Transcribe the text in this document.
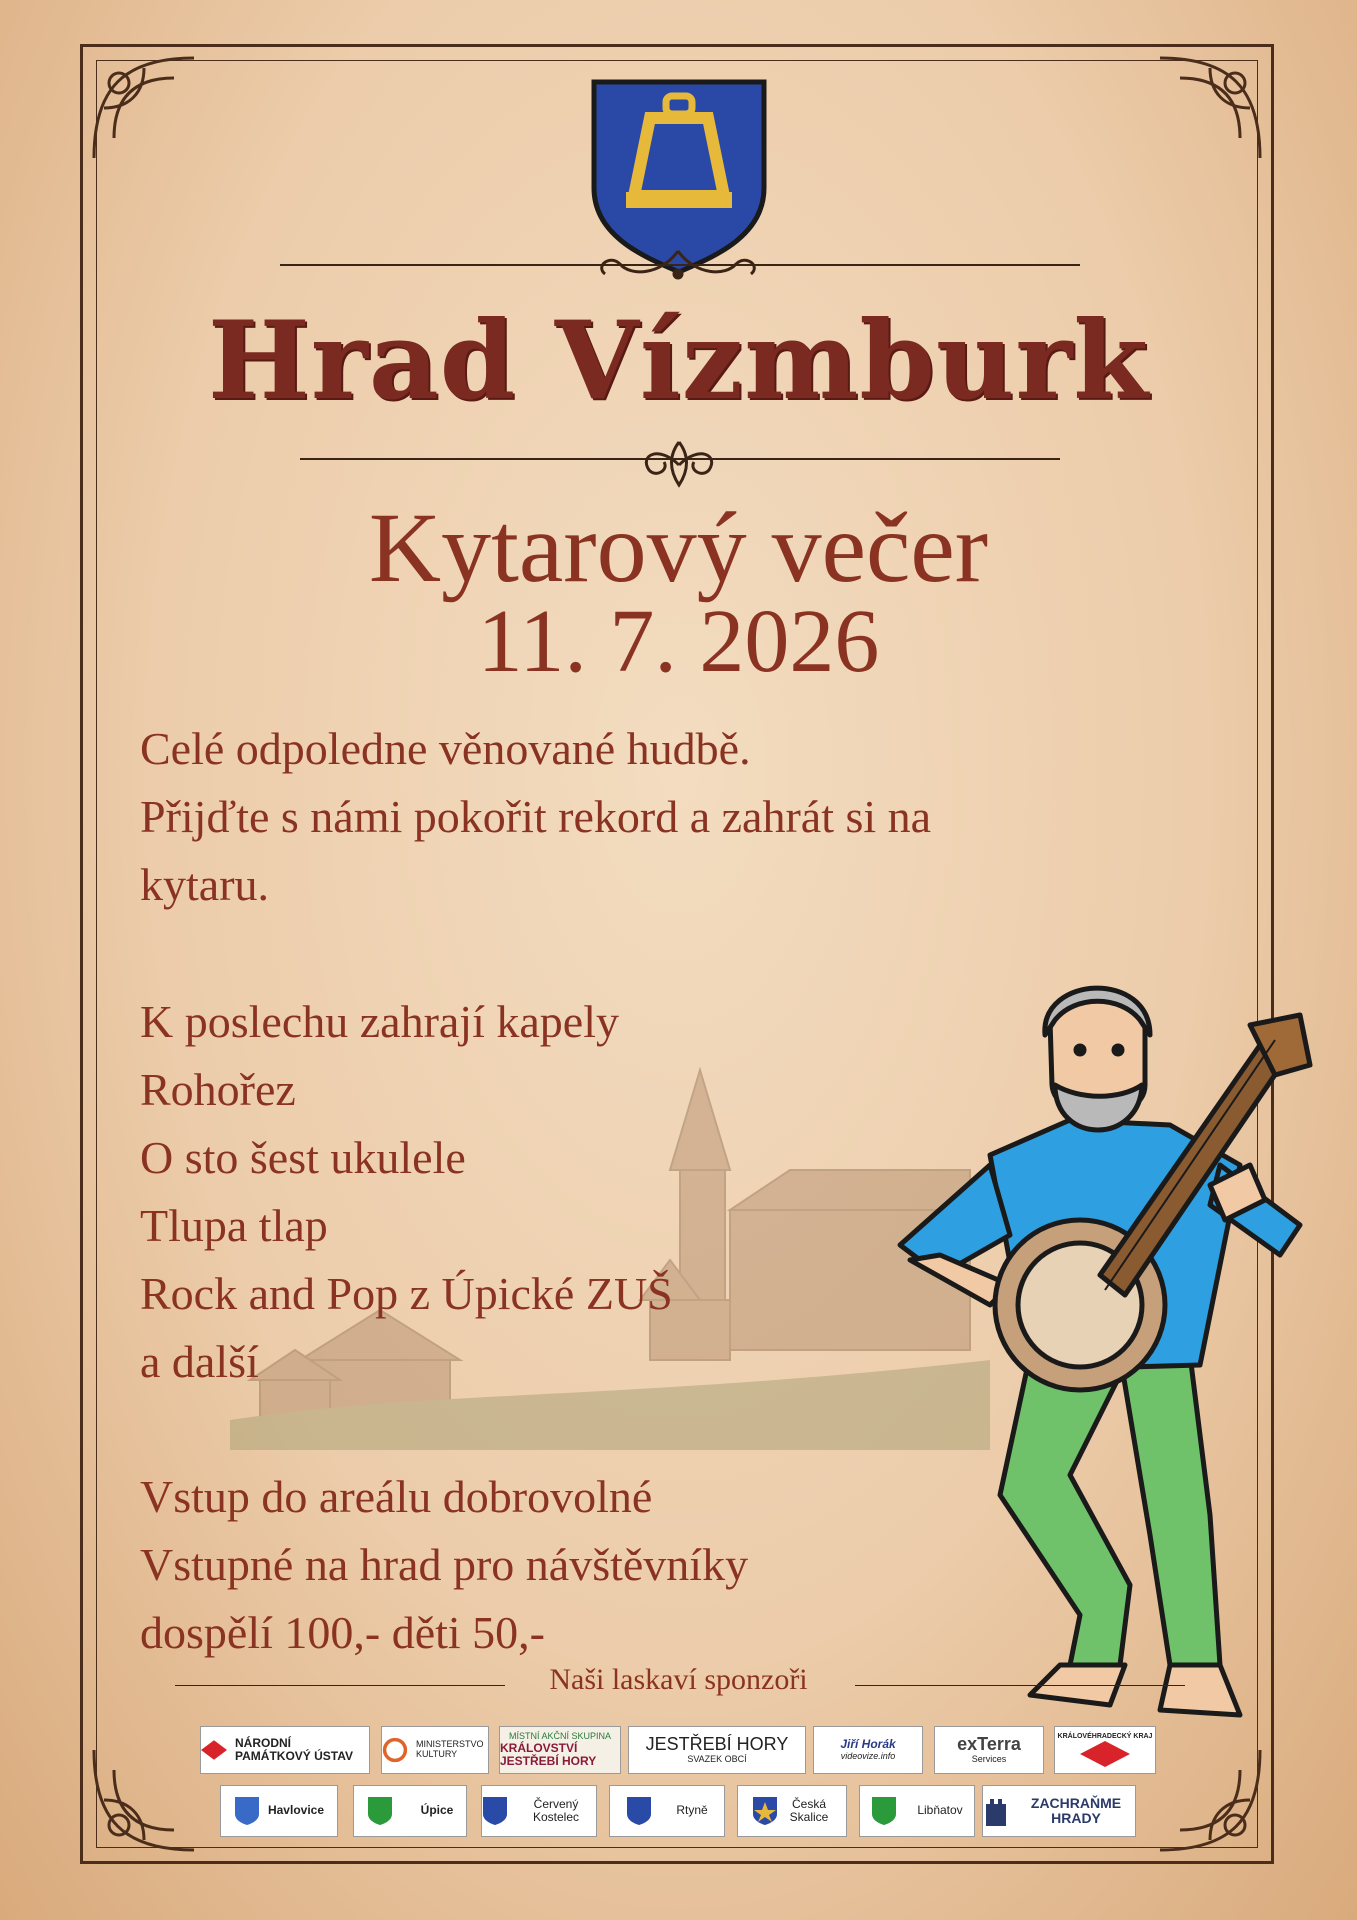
Hrad Vízmburk
Kytarový večer
11. 7. 2026
Celé odpoledne věnované hudbě.
Přijďte s námi pokořit rekord a zahrát si na
kytaru.
K poslechu zahrají kapely
Rohořez
O sto šest ukulele
Tlupa tlap
Rock and Pop z Úpické ZUŠ
a další
Vstup do areálu dobrovolné
Vstupné na hrad pro návštěvníky
dospělí 100,- děti 50,-
Naši laskaví sponzoři
NÁRODNÍ PAMÁTKOVÝ ÚSTAV
MINISTERSTVO KULTURY
MÍSTNÍ AKČNÍ SKUPINA
KRÁLOVSTVÍ JESTŘEBÍ HORY
JESTŘEBÍ HORY
SVAZEK OBCÍ
Jiří Horák
videovize.info
exTerra
Services
KRÁLOVÉHRADECKÝ KRAJ
Havlovice	Úpice	Červený Kostelec	Rtyně	Česká Skalice	Libňatov	ZACHRAŇME HRADY
